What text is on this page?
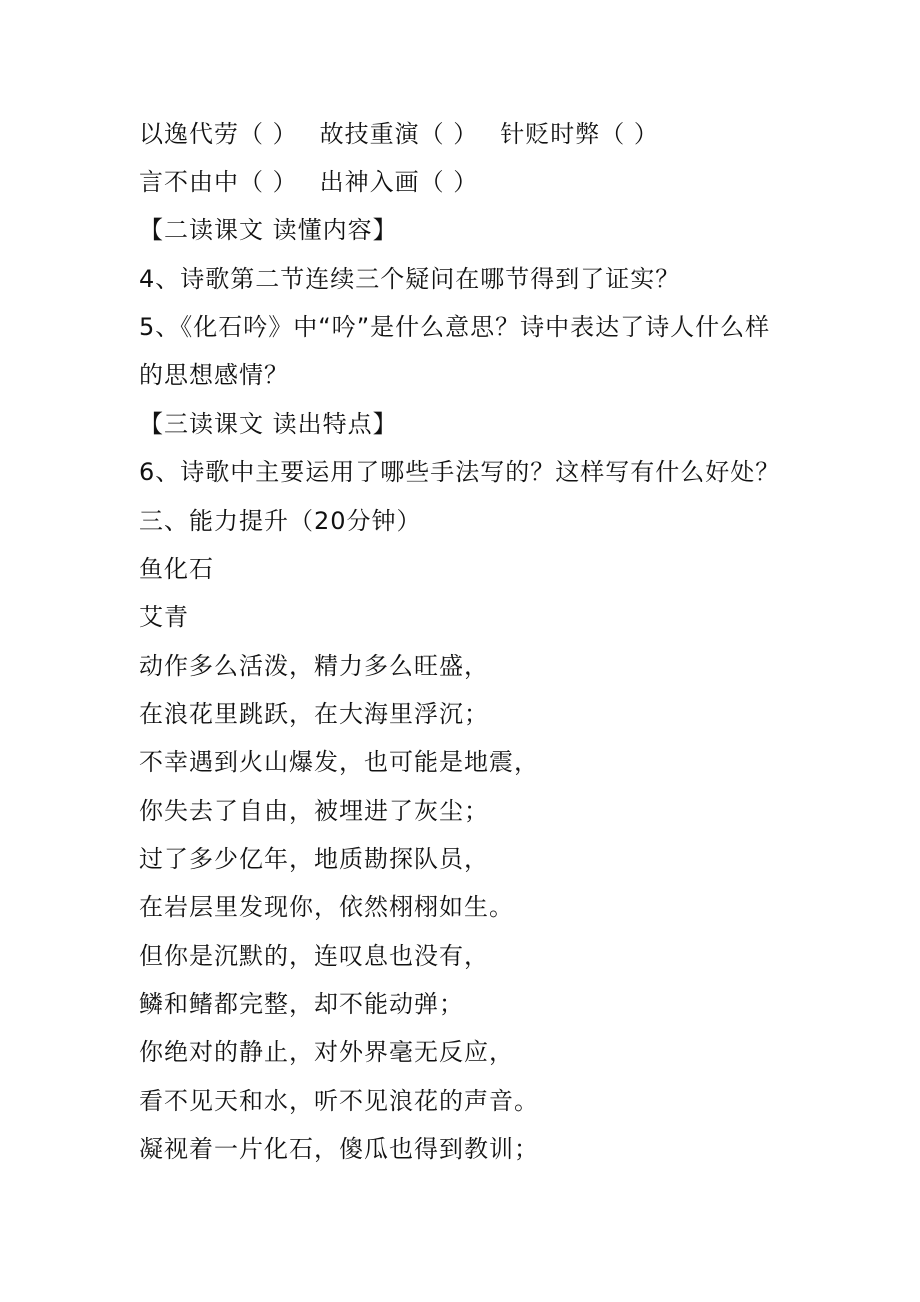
以逸代劳（ ） 故技重演（ ） 针贬时弊（ ）
言不由中（ ） 出神入画（ ）
【二读课文 读懂内容】
4、诗歌第二节连续三个疑问在哪节得到了证实？
5、《化石吟》中“吟”是什么意思？诗中表达了诗人什么样
的思想感情？
【三读课文 读出特点】
6、诗歌中主要运用了哪些手法写的？这样写有什么好处？
三、能力提升（20分钟）
鱼化石
艾青
动作多么活泼，精力多么旺盛，
在浪花里跳跃，在大海里浮沉；
不幸遇到火山爆发，也可能是地震，
你失去了自由，被埋进了灰尘；
过了多少亿年，地质勘探队员，
在岩层里发现你，依然栩栩如生。
但你是沉默的，连叹息也没有，
鳞和鳍都完整，却不能动弹；
你绝对的静止，对外界毫无反应，
看不见天和水，听不见浪花的声音。
凝视着一片化石，傻瓜也得到教训；
